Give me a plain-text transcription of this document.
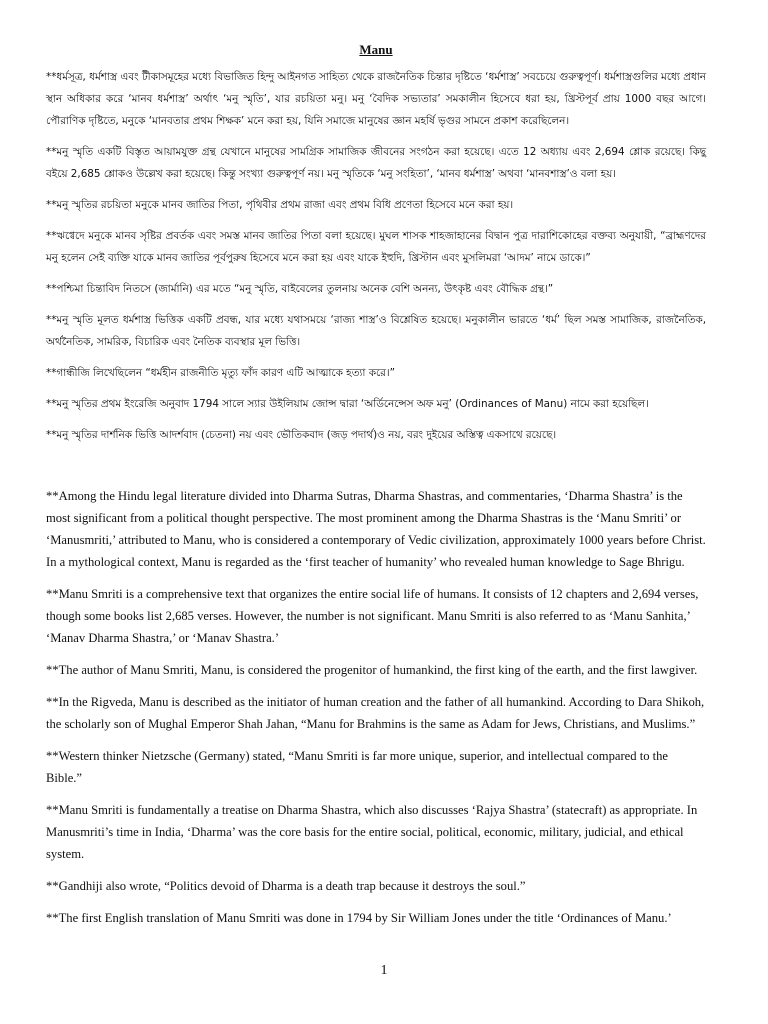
Manu

**ধর্মসূত্র, ধর্মশাস্ত্র এবং টীকাসমূহের মধ্যে বিভাজিত হিন্দু আইনগত সাহিত্য থেকে রাজনৈতিক চিন্তার দৃষ্টিতে ‘ধর্মশাস্ত্র’ সবচেয়ে গুরুত্বপূর্ণ। ধর্মশাস্ত্রগুলির মধ্যে প্রধান স্থান অধিকার করে ‘মানব ধর্মশাস্ত্র’ অর্থাৎ ‘মনু স্মৃতি’, যার রচয়িতা মনু। মনু ‘বৈদিক সভ্যতার’ সমকালীন হিসেবে ধরা হয়, খ্রিস্টপূর্ব প্রায় 1000 বছর আগে। পৌরাণিক দৃষ্টিতে, মনুকে ‘মানবতার প্রথম শিক্ষক’ মনে করা হয়, যিনি সমাজে মানুষের জ্ঞান মহর্ষি ভৃগুর সামনে প্রকাশ করেছিলেন।

**মনু স্মৃতি একটি বিস্তৃত আয়ামযুক্ত গ্রন্থ যেখানে মানুষের সামগ্রিক সামাজিক জীবনের সংগঠন করা হয়েছে। এতে 12 অধ্যায় এবং 2,694 শ্লোক রয়েছে। কিছু বইয়ে 2,685 শ্লোকও উল্লেখ করা হয়েছে। কিন্তু সংখ্যা গুরুত্বপূর্ণ নয়। মনু স্মৃতিকে ‘মনু সংহিতা’, ‘মানব ধর্মশাস্ত্র’ অথবা ‘মানবশাস্ত্র’ও বলা হয়।

**মনু স্মৃতির রচয়িতা মনুকে মানব জাতির পিতা, পৃথিবীর প্রথম রাজা এবং প্রথম বিধি প্রণেতা হিসেবে মনে করা হয়।

**ঋগ্বেদে মনুকে মানব সৃষ্টির প্রবর্তক এবং সমস্ত মানব জাতির পিতা বলা হয়েছে। মুঘল শাসক শাহজাহানের বিদ্বান পুত্র দারাশিকোহের বক্তব্য অনুযায়ী, “ব্রাহ্মণদের মনু হলেন সেই ব্যক্তি যাকে মানব জাতির পূর্বপুরুষ হিসেবে মনে করা হয় এবং যাকে ইহুদি, খ্রিস্টান এবং মুসলিমরা ‘আদম’ নামে ডাকে।”

**পশ্চিমা চিন্তাবিদ নিতসে (জার্মানি) এর মতে “মনু স্মৃতি, বাইবেলের তুলনায় অনেক বেশি অনন্য, উৎকৃষ্ট এবং বৌদ্ধিক গ্রন্থ।”

**মনু স্মৃতি মূলত ধর্মশাস্ত্র ভিত্তিক একটি প্রবন্ধ, যার মধ্যে যথাসময়ে ‘রাজ্য শাস্ত্র’ও বিশ্লেষিত হয়েছে। মনুকালীন ভারতে ‘ধর্ম’ ছিল সমস্ত সামাজিক, রাজনৈতিক, অর্থনৈতিক, সামরিক, বিচারিক এবং নৈতিক ব্যবস্থার মূল ভিত্তি।

**গান্ধীজি লিখেছিলেন “ধর্মহীন রাজনীতি মৃত্যু ফাঁদ কারণ এটি আত্মাকে হত্যা করে।”

**মনু স্মৃতির প্রথম ইংরেজি অনুবাদ 1794 সালে স্যার উইলিয়াম জোন্স দ্বারা ‘অর্ডিনেন্সেস অফ মনু’ (Ordinances of Manu) নামে করা হয়েছিল।

**মনু স্মৃতির দার্শনিক ভিত্তি আদর্শবাদ (চেতনা) নয় এবং ভৌতিকবাদ (জড় পদার্থ)ও নয়, বরং দুইয়ের অস্তিত্ব একসাথে রয়েছে।

**Among the Hindu legal literature divided into Dharma Sutras, Dharma Shastras, and commentaries, ‘Dharma Shastra’ is the most significant from a political thought perspective. The most prominent among the Dharma Shastras is the ‘Manu Smriti’ or ‘Manusmriti,’ attributed to Manu, who is considered a contemporary of Vedic civilization, approximately 1000 years before Christ. In a mythological context, Manu is regarded as the ‘first teacher of humanity’ who revealed human knowledge to Sage Bhrigu.

**Manu Smriti is a comprehensive text that organizes the entire social life of humans. It consists of 12 chapters and 2,694 verses, though some books list 2,685 verses. However, the number is not significant. Manu Smriti is also referred to as ‘Manu Sanhita,’ ‘Manav Dharma Shastra,’ or ‘Manav Shastra.’

**The author of Manu Smriti, Manu, is considered the progenitor of humankind, the first king of the earth, and the first lawgiver.

**In the Rigveda, Manu is described as the initiator of human creation and the father of all humankind. According to Dara Shikoh, the scholarly son of Mughal Emperor Shah Jahan, “Manu for Brahmins is the same as Adam for Jews, Christians, and Muslims.”

**Western thinker Nietzsche (Germany) stated, “Manu Smriti is far more unique, superior, and intellectual compared to the Bible.”

**Manu Smriti is fundamentally a treatise on Dharma Shastra, which also discusses ‘Rajya Shastra’ (statecraft) as appropriate. In Manusmriti’s time in India, ‘Dharma’ was the core basis for the entire social, political, economic, military, judicial, and ethical system.

**Gandhiji also wrote, “Politics devoid of Dharma is a death trap because it destroys the soul.”

**The first English translation of Manu Smriti was done in 1794 by Sir William Jones under the title ‘Ordinances of Manu.’

1
